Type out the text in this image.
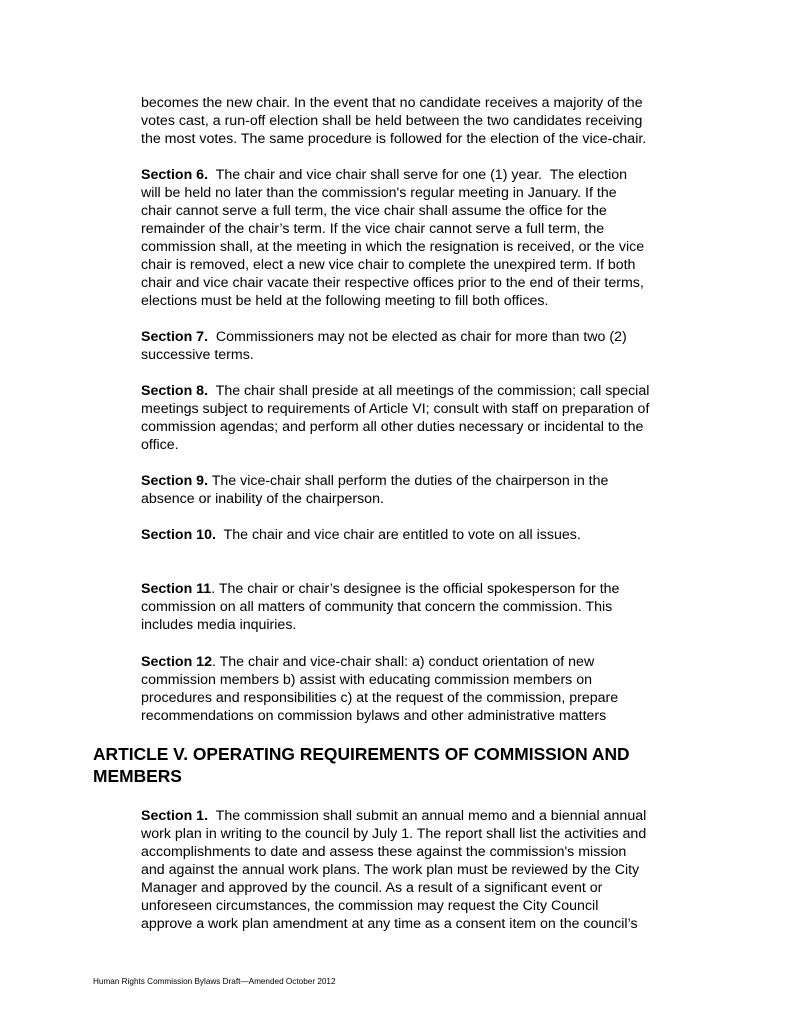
becomes the new chair. In the event that no candidate receives a majority of the
votes cast, a run-off election shall be held between the two candidates receiving
the most votes. The same procedure is followed for the election of the vice-chair.

Section 6.  The chair and vice chair shall serve for one (1) year.  The election
will be held no later than the commission's regular meeting in January. If the
chair cannot serve a full term, the vice chair shall assume the office for the
remainder of the chair’s term. If the vice chair cannot serve a full term, the
commission shall, at the meeting in which the resignation is received, or the vice
chair is removed, elect a new vice chair to complete the unexpired term. If both
chair and vice chair vacate their respective offices prior to the end of their terms,
elections must be held at the following meeting to fill both offices.

Section 7.  Commissioners may not be elected as chair for more than two (2)
successive terms.

Section 8.  The chair shall preside at all meetings of the commission; call special
meetings subject to requirements of Article VI; consult with staff on preparation of
commission agendas; and perform all other duties necessary or incidental to the
office.

Section 9. The vice-chair shall perform the duties of the chairperson in the
absence or inability of the chairperson.

Section 10.  The chair and vice chair are entitled to vote on all issues.

Section 11. The chair or chair’s designee is the official spokesperson for the
commission on all matters of community that concern the commission. This
includes media inquiries.

Section 12. The chair and vice-chair shall: a) conduct orientation of new
commission members b) assist with educating commission members on
procedures and responsibilities c) at the request of the commission, prepare
recommendations on commission bylaws and other administrative matters

ARTICLE V. OPERATING REQUIREMENTS OF COMMISSION AND
MEMBERS

Section 1.  The commission shall submit an annual memo and a biennial annual
work plan in writing to the council by July 1. The report shall list the activities and
accomplishments to date and assess these against the commission's mission
and against the annual work plans. The work plan must be reviewed by the City
Manager and approved by the council. As a result of a significant event or
unforeseen circumstances, the commission may request the City Council
approve a work plan amendment at any time as a consent item on the council’s

Human Rights Commission Bylaws Draft—Amended October 2012
